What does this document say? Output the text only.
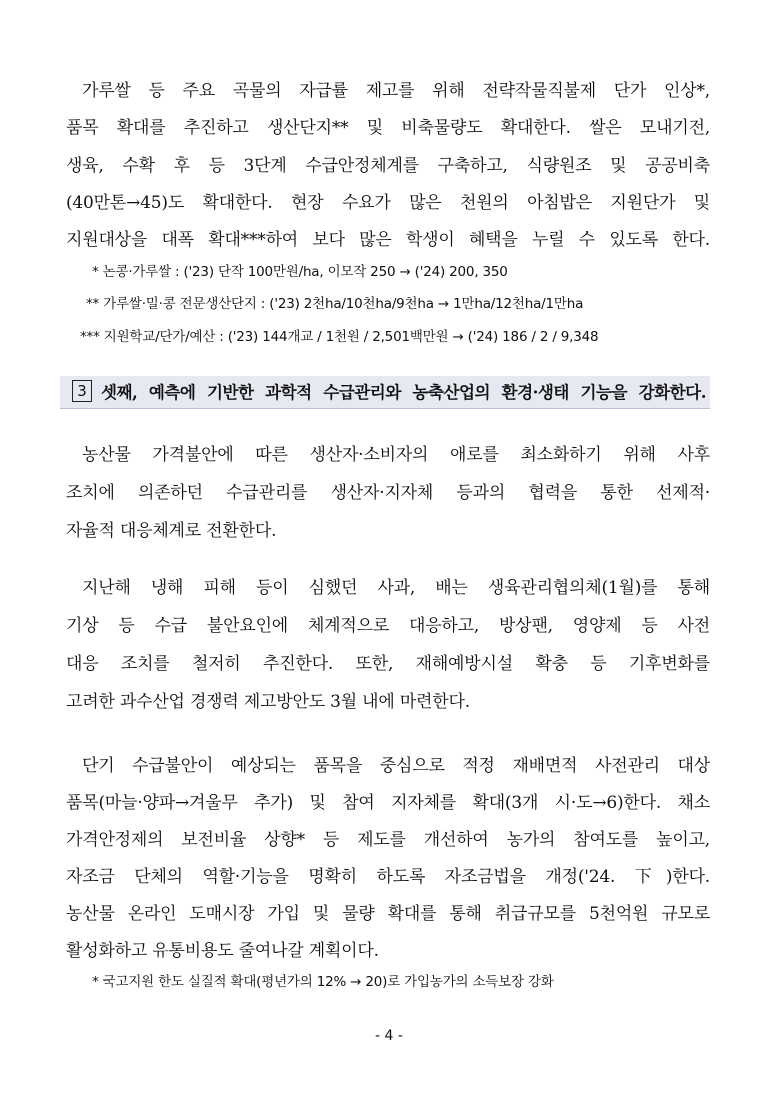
가루쌀 등 주요 곡물의 자급률 제고를 위해 전략작물직불제 단가 인상*,
품목 확대를 추진하고 생산단지** 및 비축물량도 확대한다. 쌀은 모내기전,
생육, 수확 후 등 3단계 수급안정체계를 구축하고, 식량원조 및 공공비축
(40만톤→45)도 확대한다. 현장 수요가 많은 천원의 아침밥은 지원단가 및
지원대상을 대폭 확대***하여 보다 많은 학생이 혜택을 누릴 수 있도록 한다.
* 논콩·가루쌀 : ('23) 단작 100만원/ha, 이모작 250 → ('24) 200, 350
** 가루쌀·밀·콩 전문생산단지 : ('23) 2천ha/10천ha/9천ha → 1만ha/12천ha/1만ha
*** 지원학교/단가/예산 : ('23) 144개교 / 1천원 / 2,501백만원 → ('24) 186 / 2 / 9,348
3 셋째, 예측에 기반한 과학적 수급관리와 농축산업의 환경·생태 기능을 강화한다.
농산물 가격불안에 따른 생산자·소비자의 애로를 최소화하기 위해 사후
조치에 의존하던 수급관리를 생산자·지자체 등과의 협력을 통한 선제적·
자율적 대응체계로 전환한다.
지난해 냉해 피해 등이 심했던 사과, 배는 생육관리협의체(1월)를 통해
기상 등 수급 불안요인에 체계적으로 대응하고, 방상팬, 영양제 등 사전
대응 조치를 철저히 추진한다. 또한, 재해예방시설 확충 등 기후변화를
고려한 과수산업 경쟁력 제고방안도 3월 내에 마련한다.
단기 수급불안이 예상되는 품목을 중심으로 적정 재배면적 사전관리 대상
품목(마늘·양파→겨울무 추가) 및 참여 지자체를 확대(3개 시·도→6)한다. 채소
가격안정제의 보전비율 상향* 등 제도를 개선하여 농가의 참여도를 높이고,
자조금 단체의 역할·기능을 명확히 하도록 자조금법을 개정('24. 下)한다.
농산물 온라인 도매시장 가입 및 물량 확대를 통해 취급규모를 5천억원 규모로
활성화하고 유통비용도 줄여나갈 계획이다.
* 국고지원 한도 실질적 확대(평년가의 12% → 20)로 가입농가의 소득보장 강화
- 4 -
